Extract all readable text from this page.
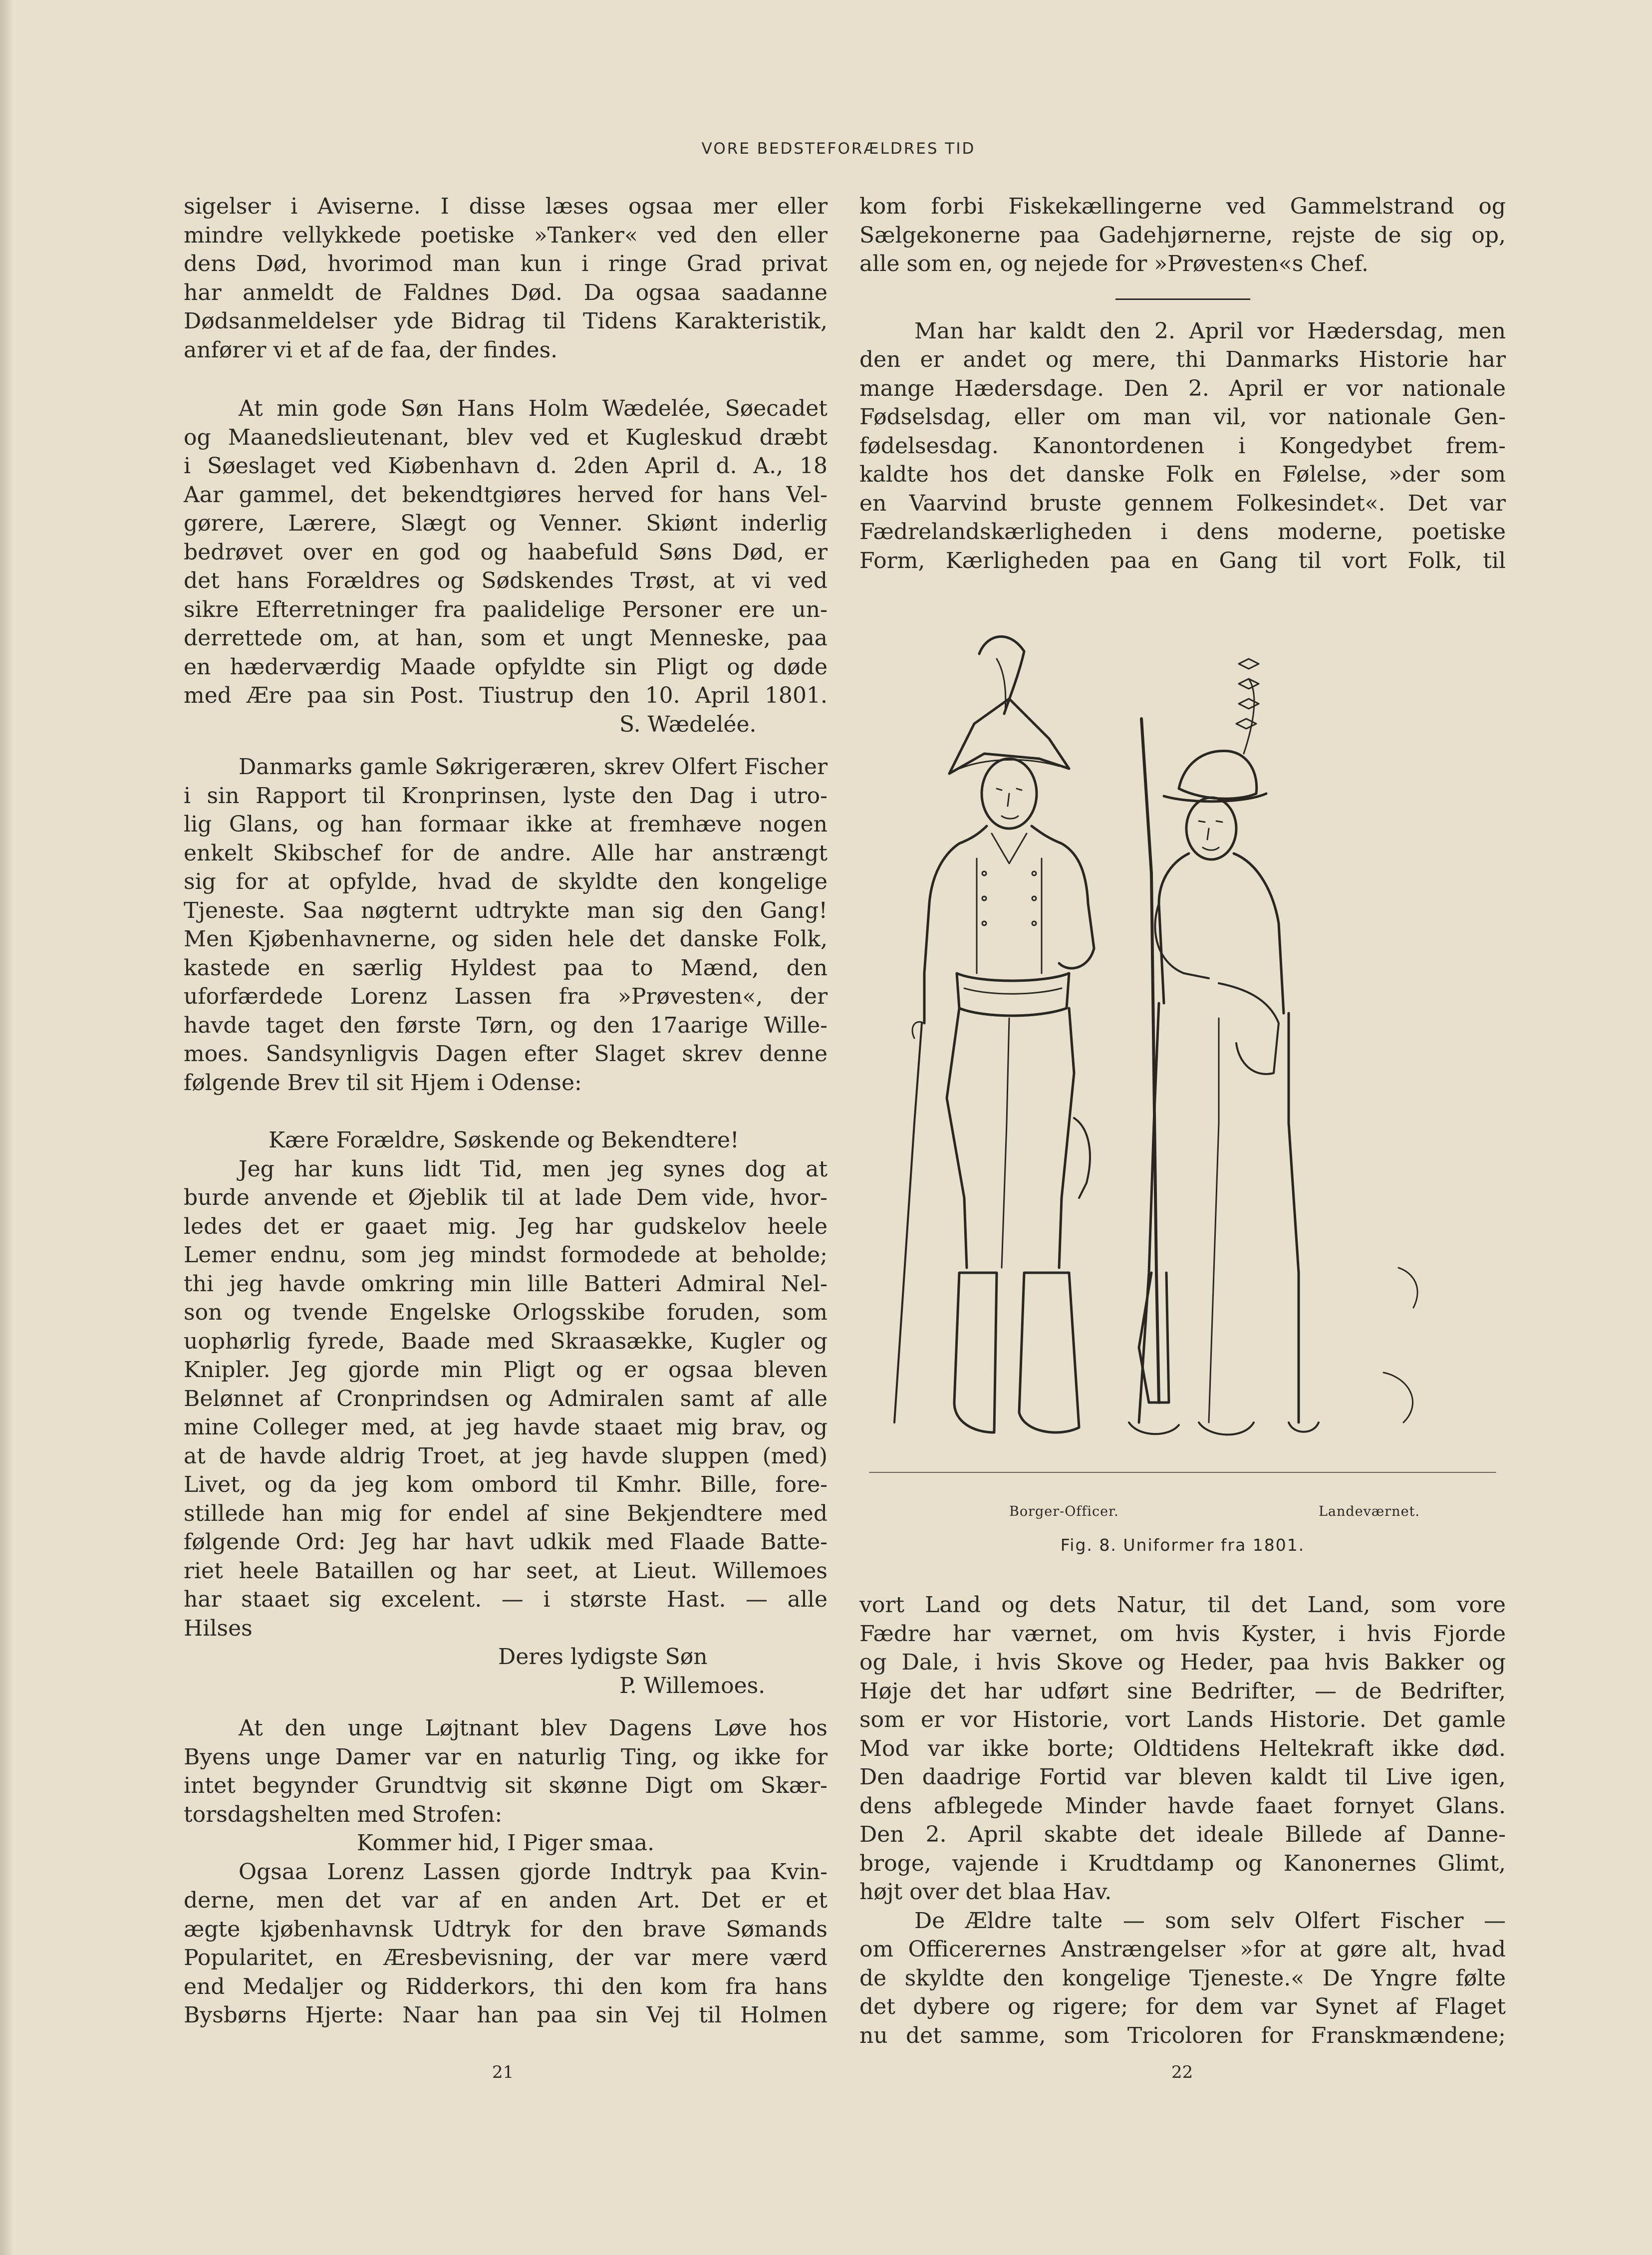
VORE BEDSTEFORÆLDRES TID

sigelser i Aviserne. I disse læses ogsaa mer eller

mindre vellykkede poetiske »Tanker« ved den eller

dens Død, hvorimod man kun i ringe Grad privat

har anmeldt de Faldnes Død. Da ogsaa saadanne

Dødsanmeldelser yde Bidrag til Tidens Karakteristik,

anfører vi et af de faa, der findes.

At min gode Søn Hans Holm Wædelée, Søecadet

og Maanedslieutenant, blev ved et Kugleskud dræbt

i Søeslaget ved Kiøbenhavn d. 2den April d. A., 18

Aar gammel, det bekendtgiøres herved for hans Vel-

gørere, Lærere, Slægt og Venner. Skiønt inderlig

bedrøvet over en god og haabefuld Søns Død, er

det hans Forældres og Sødskendes Trøst, at vi ved

sikre Efterretninger fra paalidelige Personer ere un-

derrettede om, at han, som et ungt Menneske, paa

en hæderværdig Maade opfyldte sin Pligt og døde

med Ære paa sin Post. Tiustrup den 10. April 1801.

S. Wædelée.

Danmarks gamle Søkrigeræren, skrev Olfert Fischer

i sin Rapport til Kronprinsen, lyste den Dag i utro-

lig Glans, og han formaar ikke at fremhæve nogen

enkelt Skibschef for de andre. Alle har anstrængt

sig for at opfylde, hvad de skyldte den kongelige

Tjeneste. Saa nøgternt udtrykte man sig den Gang!

Men Kjøbenhavnerne, og siden hele det danske Folk,

kastede en særlig Hyldest paa to Mænd, den

uforfærdede Lorenz Lassen fra »Prøvesten«, der

havde taget den første Tørn, og den 17aarige Wille-

moes. Sandsynligvis Dagen efter Slaget skrev denne

følgende Brev til sit Hjem i Odense:

Kære Forældre, Søskende og Bekendtere!

Jeg har kuns lidt Tid, men jeg synes dog at

burde anvende et Øjeblik til at lade Dem vide, hvor-

ledes det er gaaet mig. Jeg har gudskelov heele

Lemer endnu, som jeg mindst formodede at beholde;

thi jeg havde omkring min lille Batteri Admiral Nel-

son og tvende Engelske Orlogsskibe foruden, som

uophørlig fyrede, Baade med Skraasække, Kugler og

Knipler. Jeg gjorde min Pligt og er ogsaa bleven

Belønnet af Cronprindsen og Admiralen samt af alle

mine Colleger med, at jeg havde staaet mig brav, og

at de havde aldrig Troet, at jeg havde sluppen (med)

Livet, og da jeg kom ombord til Kmhr. Bille, fore-

stillede han mig for endel af sine Bekjendtere med

følgende Ord: Jeg har havt udkik med Flaade Batte-

riet heele Bataillen og har seet, at Lieut. Willemoes

har staaet sig excelent. — i største Hast. — alle

Hilses

Deres lydigste Søn

P. Willemoes.

At den unge Løjtnant blev Dagens Løve hos

Byens unge Damer var en naturlig Ting, og ikke for

intet begynder Grundtvig sit skønne Digt om Skær-

torsdagshelten med Strofen:

Kommer hid, I Piger smaa.

Ogsaa Lorenz Lassen gjorde Indtryk paa Kvin-

derne, men det var af en anden Art. Det er et

ægte kjøbenhavnsk Udtryk for den brave Sømands

Popularitet, en Æresbevisning, der var mere værd

end Medaljer og Ridderkors, thi den kom fra hans

Bysbørns Hjerte: Naar han paa sin Vej til Holmen

kom forbi Fiskekællingerne ved Gammelstrand og

Sælgekonerne paa Gadehjørnerne, rejste de sig op,

alle som en, og nejede for »Prøvesten«s Chef.

Man har kaldt den 2. April vor Hædersdag, men

den er andet og mere, thi Danmarks Historie har

mange Hædersdage. Den 2. April er vor nationale

Fødselsdag, eller om man vil, vor nationale Gen-

fødelsesdag. Kanontordenen i Kongedybet frem-

kaldte hos det danske Folk en Følelse, »der som

en Vaarvind bruste gennem Folkesindet«. Det var

Fædrelandskærligheden i dens moderne, poetiske

Form, Kærligheden paa en Gang til vort Folk, til

Borger-Officer.	Landeværnet.
Fig. 8. Uniformer fra 1801.

vort Land og dets Natur, til det Land, som vore

Fædre har værnet, om hvis Kyster, i hvis Fjorde

og Dale, i hvis Skove og Heder, paa hvis Bakker og

Høje det har udført sine Bedrifter, — de Bedrifter,

som er vor Historie, vort Lands Historie. Det gamle

Mod var ikke borte; Oldtidens Heltekraft ikke død.

Den daadrige Fortid var bleven kaldt til Live igen,

dens afblegede Minder havde faaet fornyet Glans.

Den 2. April skabte det ideale Billede af Danne-

broge, vajende i Krudtdamp og Kanonernes Glimt,

højt over det blaa Hav.

De Ældre talte — som selv Olfert Fischer —

om Officerernes Anstrængelser »for at gøre alt, hvad

de skyldte den kongelige Tjeneste.« De Yngre følte

det dybere og rigere; for dem var Synet af Flaget

nu det samme, som Tricoloren for Franskmændene;

21	22
